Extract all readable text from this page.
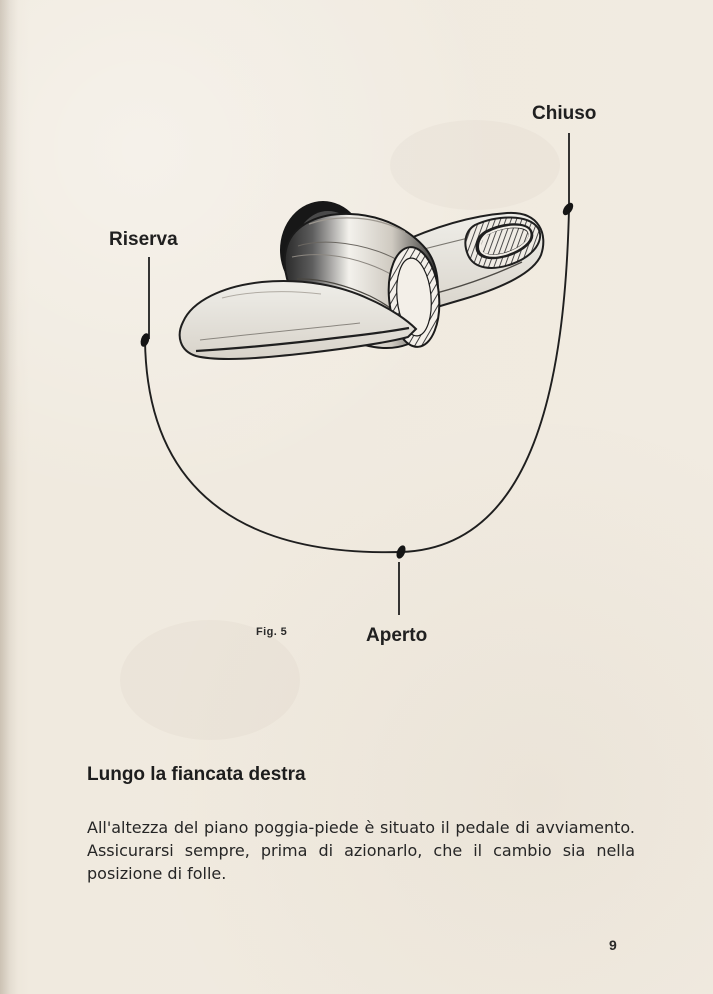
Chiuso
Riserva
Aperto
Fig. 5
Lungo la fiancata destra
All'altezza del piano poggia-piede è situato il pedale di avviamento. Assicurarsi sempre, prima di azionarlo, che il cambio sia nella posizione di folle.
9
